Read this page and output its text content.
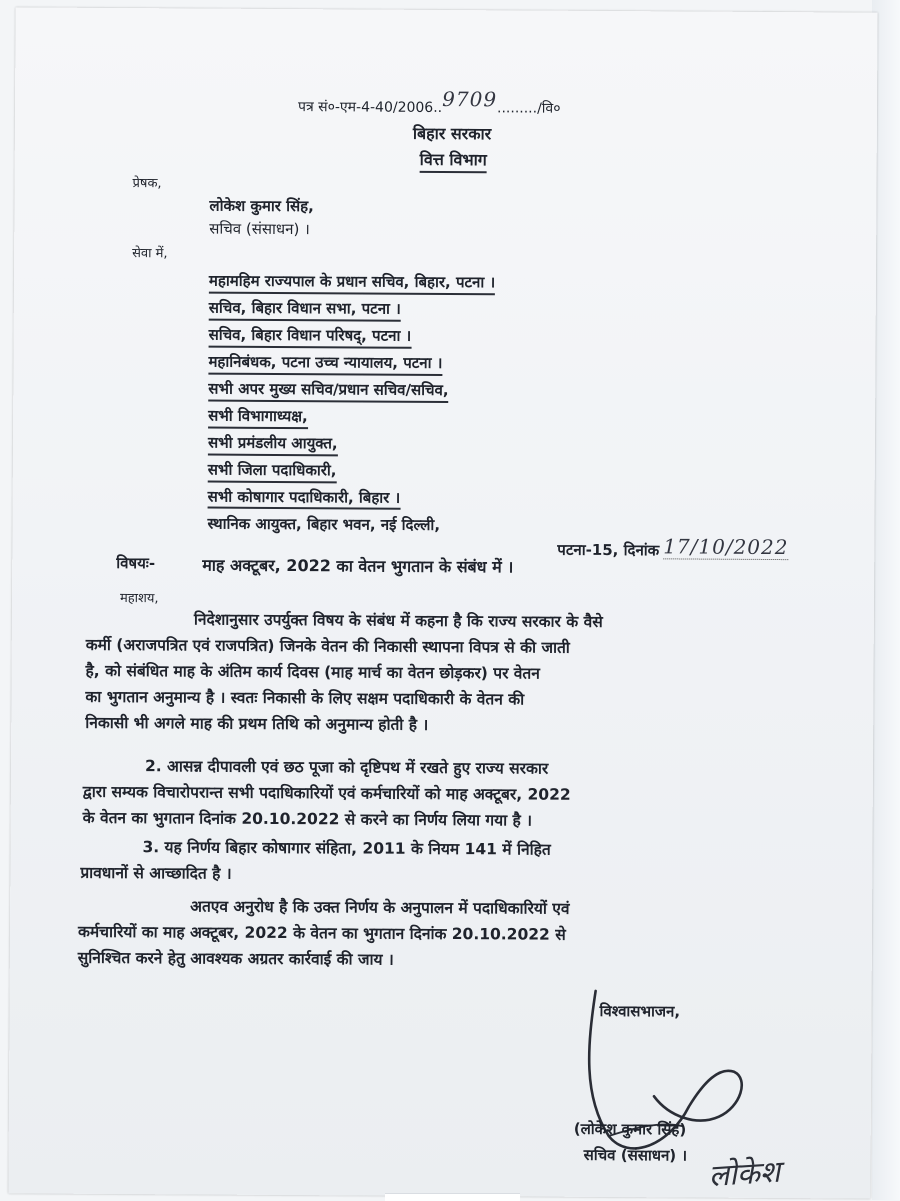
पत्र सं०-एम-4-40/2006..9709........./वि०
बिहार सरकार
वित्त विभाग
प्रेषक,
लोकेश कुमार सिंह,
सचिव (संसाधन) ।
सेवा में,
महामहिम राज्यपाल के प्रधान सचिव, बिहार, पटना ।
सचिव, बिहार विधान सभा, पटना ।
सचिव, बिहार विधान परिषद्, पटना ।
महानिबंधक, पटना उच्च न्यायालय, पटना ।
सभी अपर मुख्य सचिव/प्रधान सचिव/सचिव,
सभी विभागाध्यक्ष,
सभी प्रमंडलीय आयुक्त,
सभी जिला पदाधिकारी,
सभी कोषागार पदाधिकारी, बिहार ।
स्थानिक आयुक्त, बिहार भवन, नई दिल्ली,
पटना-15, दिनांक 17/10/2022
विषयः-	माह अक्टूबर, 2022 का वेतन भुगतान के संबंध में ।
महाशय,
निदेशानुसार उपर्युक्त विषय के संबंध में कहना है कि राज्य सरकार के वैसे
कर्मी (अराजपत्रित एवं राजपत्रित) जिनके वेतन की निकासी स्थापना विपत्र से की जाती
है, को संबंधित माह के अंतिम कार्य दिवस (माह मार्च का वेतन छोड़कर) पर वेतन
का भुगतान अनुमान्य है । स्वतः निकासी के लिए सक्षम पदाधिकारी के वेतन की
निकासी भी अगले माह की प्रथम तिथि को अनुमान्य होती है ।
2. आसन्न दीपावली एवं छठ पूजा को दृष्टिपथ में रखते हुए राज्य सरकार
द्वारा सम्यक विचारोपरान्त सभी पदाधिकारियों एवं कर्मचारियों को माह अक्टूबर, 2022
के वेतन का भुगतान दिनांक 20.10.2022 से करने का निर्णय लिया गया है ।
3. यह निर्णय बिहार कोषागार संहिता, 2011 के नियम 141 में निहित
प्रावधानों से आच्छादित है ।
अतएव अनुरोध है कि उक्त निर्णय के अनुपालन में पदाधिकारियों एवं
कर्मचारियों का माह अक्टूबर, 2022 के वेतन का भुगतान दिनांक 20.10.2022 से
सुनिश्चित करने हेतु आवश्यक अग्रतर कार्रवाई की जाय ।
विश्वासभाजन,
(लोकेश कुमार सिंह)
सचिव (संसाधन) । लोकेश
